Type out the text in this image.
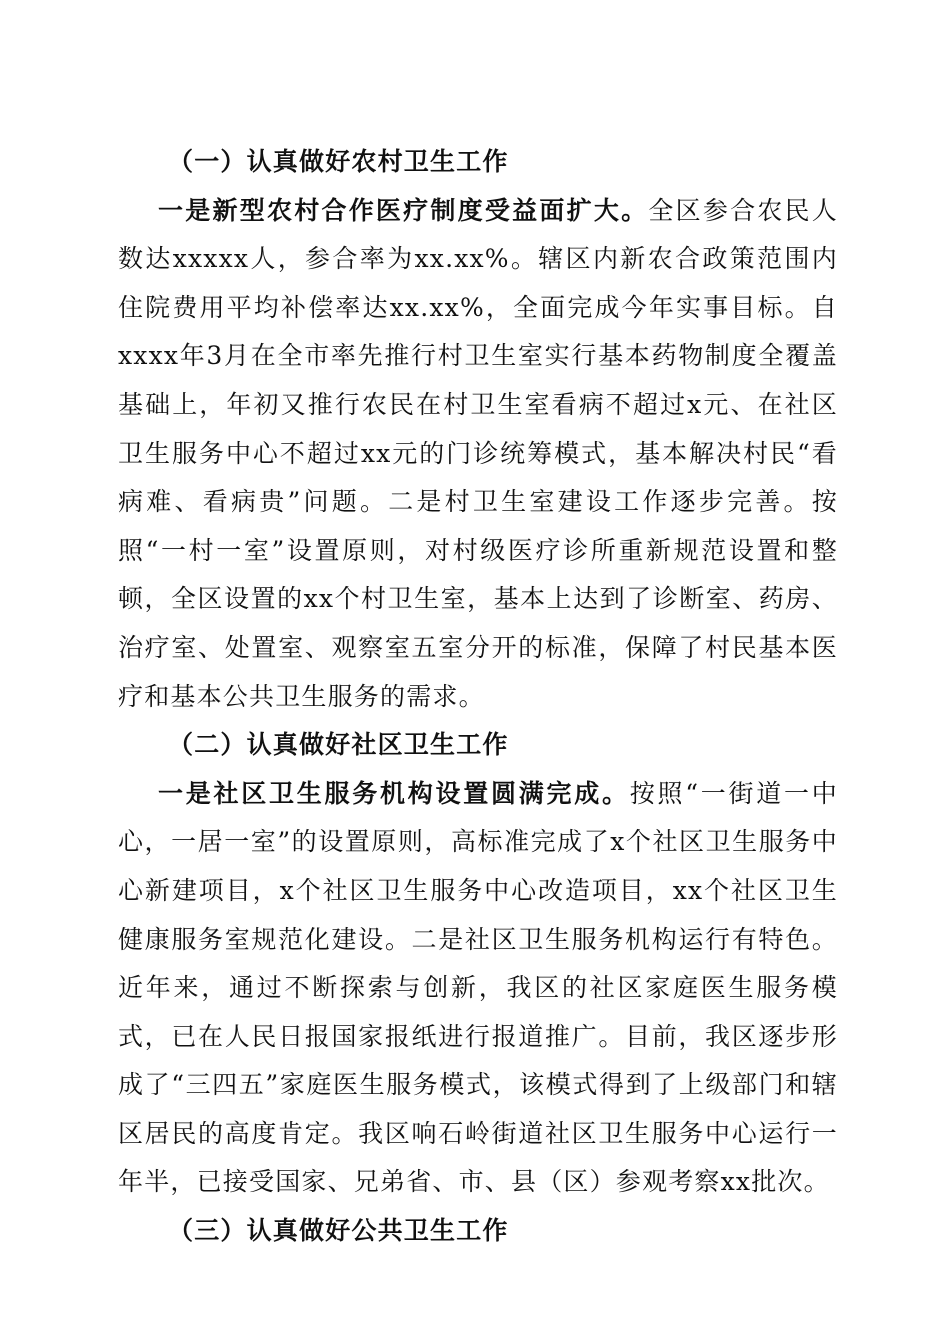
（一）认真做好农村卫生工作

一是新型农村合作医疗制度受益面扩大。全区参合农民人数达xxxxx人，参合率为xx.xx%。辖区内新农合政策范围内住院费用平均补偿率达xx.xx%，全面完成今年实事目标。自xxxx年3月在全市率先推行村卫生室实行基本药物制度全覆盖基础上，年初又推行农民在村卫生室看病不超过x元、在社区卫生服务中心不超过xx元的门诊统筹模式，基本解决村民“看病难、看病贵”问题。二是村卫生室建设工作逐步完善。按照“一村一室”设置原则，对村级医疗诊所重新规范设置和整顿，全区设置的xx个村卫生室，基本上达到了诊断室、药房、治疗室、处置室、观察室五室分开的标准，保障了村民基本医疗和基本公共卫生服务的需求。

（二）认真做好社区卫生工作

一是社区卫生服务机构设置圆满完成。按照“一街道一中心，一居一室”的设置原则，高标准完成了x个社区卫生服务中心新建项目，x个社区卫生服务中心改造项目，xx个社区卫生健康服务室规范化建设。二是社区卫生服务机构运行有特色。近年来，通过不断探索与创新，我区的社区家庭医生服务模式，已在人民日报国家报纸进行报道推广。目前，我区逐步形成了“三四五”家庭医生服务模式，该模式得到了上级部门和辖区居民的高度肯定。我区响石岭街道社区卫生服务中心运行一年半，已接受国家、兄弟省、市、县（区）参观考察xx批次。

（三）认真做好公共卫生工作
